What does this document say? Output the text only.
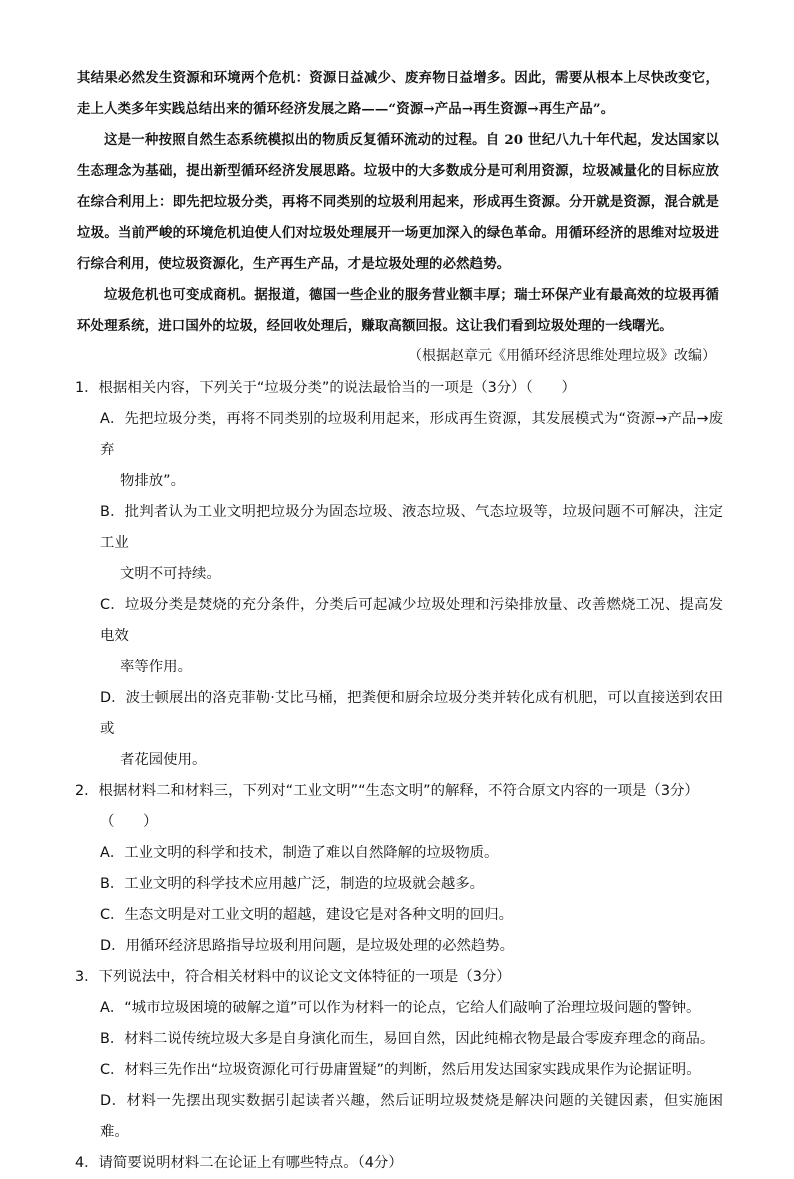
其结果必然发生资源和环境两个危机：资源日益减少、废弃物日益增多。因此，需要从根本上尽快改变它，走上人类多年实践总结出来的循环经济发展之路——“资源→产品→再生资源→再生产品”。

这是一种按照自然生态系统模拟出的物质反复循环流动的过程。自 20 世纪八九十年代起，发达国家以生态理念为基础，提出新型循环经济发展思路。垃圾中的大多数成分是可利用资源，垃圾减量化的目标应放在综合利用上：即先把垃圾分类，再将不同类别的垃圾利用起来，形成再生资源。分开就是资源，混合就是垃圾。当前严峻的环境危机迫使人们对垃圾处理展开一场更加深入的绿色革命。用循环经济的思维对垃圾进行综合利用，使垃圾资源化，生产再生产品，才是垃圾处理的必然趋势。

垃圾危机也可变成商机。据报道，德国一些企业的服务营业额丰厚；瑞士环保产业有最高效的垃圾再循环处理系统，进口国外的垃圾，经回收处理后，赚取高额回报。这让我们看到垃圾处理的一线曙光。

（根据赵章元《用循环经济思维处理垃圾》改编）

1．根据相关内容，下列关于“垃圾分类”的说法最恰当的一项是（3分）（　　）

A．先把垃圾分类，再将不同类别的垃圾利用起来，形成再生资源，其发展模式为“资源→产品→废弃
物排放”。

B．批判者认为工业文明把垃圾分为固态垃圾、液态垃圾、气态垃圾等，垃圾问题不可解决，注定工业
文明不可持续。

C．垃圾分类是焚烧的充分条件，分类后可起减少垃圾处理和污染排放量、改善燃烧工况、提高发电效
率等作用。

D．波士顿展出的洛克菲勒·艾比马桶，把粪便和厨余垃圾分类并转化成有机肥，可以直接送到农田或
者花园使用。

2．根据材料二和材料三，下列对“工业文明”“生态文明”的解释，不符合原文内容的一项是（3分）

（　　）

A．工业文明的科学和技术，制造了难以自然降解的垃圾物质。

B．工业文明的科学技术应用越广泛，制造的垃圾就会越多。

C．生态文明是对工业文明的超越，建设它是对各种文明的回归。

D．用循环经济思路指导垃圾利用问题，是垃圾处理的必然趋势。

3．下列说法中，符合相关材料中的议论文文体特征的一项是（3分）

A．“城市垃圾困境的破解之道”可以作为材料一的论点，它给人们敲响了治理垃圾问题的警钟。

B．材料二说传统垃圾大多是自身演化而生，易回自然，因此纯棉衣物是最合零废弃理念的商品。

C．材料三先作出“垃圾资源化可行毋庸置疑”的判断，然后用发达国家实践成果作为论据证明。

D．材料一先摆出现实数据引起读者兴趣，然后证明垃圾焚烧是解决问题的关键因素，但实施困难。

4．请简要说明材料二在论证上有哪些特点。（4分）
